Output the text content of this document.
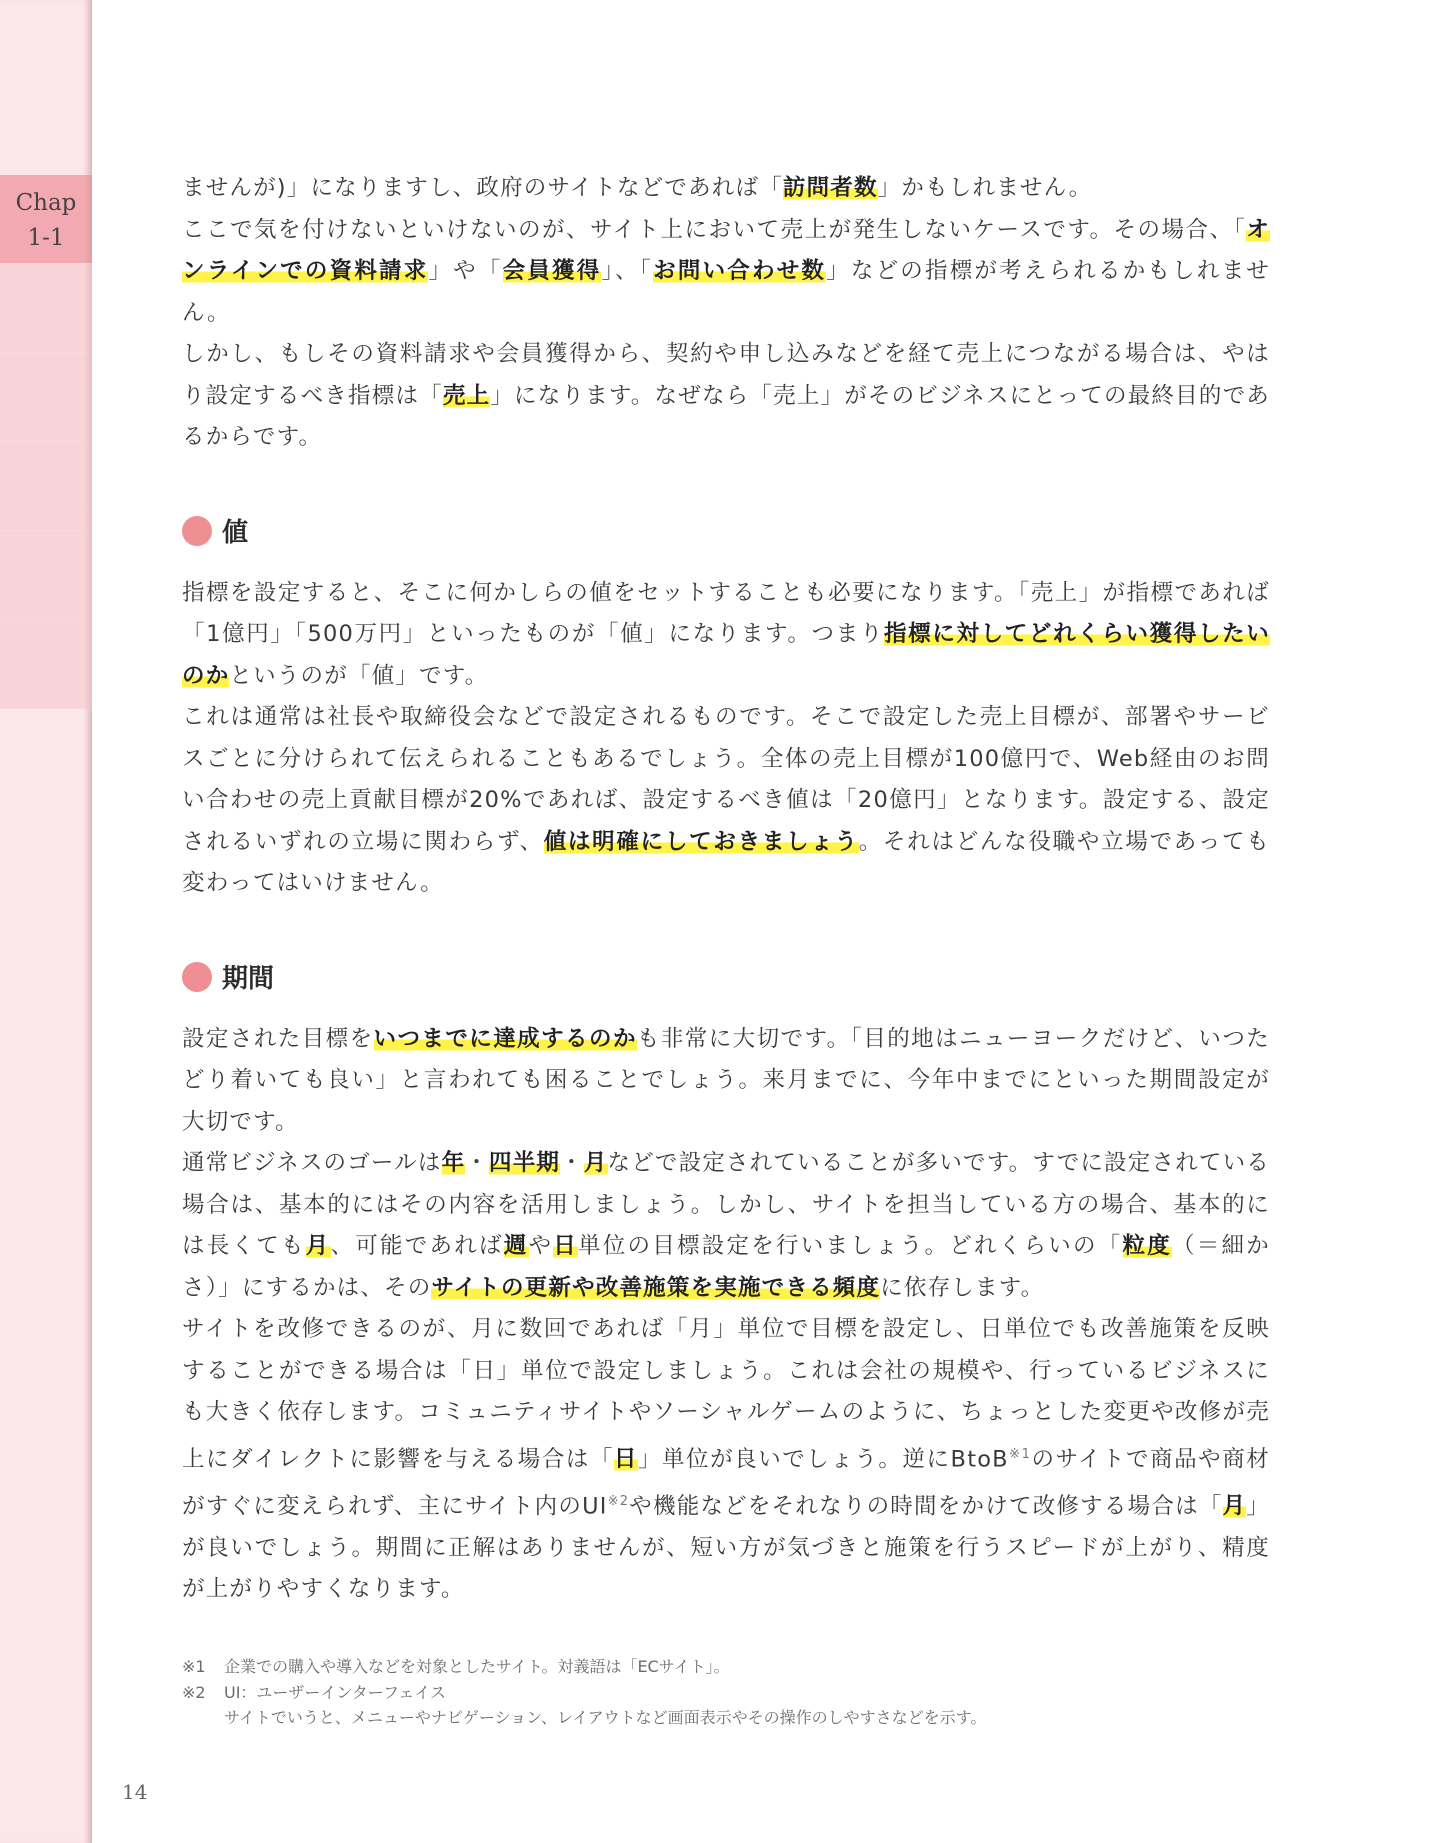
Chap
1-1

ませんが)」になりますし、政府のサイトなどであれば「訪問者数」かもしれません。

ここで気を付けないといけないのが、サイト上において売上が発生しないケースです。その場合、「オンラインでの資料請求」や「会員獲得」、「お問い合わせ数」などの指標が考えられるかもしれません。

しかし、もしその資料請求や会員獲得から、契約や申し込みなどを経て売上につながる場合は、やはり設定するべき指標は「売上」になります。なぜなら「売上」がそのビジネスにとっての最終目的であるからです。

値

指標を設定すると、そこに何かしらの値をセットすることも必要になります。「売上」が指標であれば「1億円」「500万円」といったものが「値」になります。つまり指標に対してどれくらい獲得したいのかというのが「値」です。

これは通常は社長や取締役会などで設定されるものです。そこで設定した売上目標が、部署やサービスごとに分けられて伝えられることもあるでしょう。全体の売上目標が100億円で、Web経由のお問い合わせの売上貢献目標が20%であれば、設定するべき値は「20億円」となります。設定する、設定されるいずれの立場に関わらず、値は明確にしておきましょう。それはどんな役職や立場であっても変わってはいけません。

期間

設定された目標をいつまでに達成するのかも非常に大切です。「目的地はニューヨークだけど、いつたどり着いても良い」と言われても困ることでしょう。来月までに、今年中までにといった期間設定が大切です。

通常ビジネスのゴールは年・四半期・月などで設定されていることが多いです。すでに設定されている場合は、基本的にはその内容を活用しましょう。しかし、サイトを担当している方の場合、基本的には長くても月、可能であれば週や日単位の目標設定を行いましょう。どれくらいの「粒度（＝細かさ）」にするかは、そのサイトの更新や改善施策を実施できる頻度に依存します。

サイトを改修できるのが、月に数回であれば「月」単位で目標を設定し、日単位でも改善施策を反映することができる場合は「日」単位で設定しましょう。これは会社の規模や、行っているビジネスにも大きく依存します。コミュニティサイトやソーシャルゲームのように、ちょっとした変更や改修が売上にダイレクトに影響を与える場合は「日」単位が良いでしょう。逆にBtoB$^{※1}$のサイトで商品や商材がすぐに変えられず、主にサイト内のUI$^{※2}$や機能などをそれなりの時間をかけて改修する場合は「月」が良いでしょう。期間に正解はありませんが、短い方が気づきと施策を行うスピードが上がり、精度が上がりやすくなります。

※1	企業での購入や導入などを対象としたサイト。対義語は「ECサイト」。
※2	UI：ユーザーインターフェイス
サイトでいうと、メニューやナビゲーション、レイアウトなど画面表示やその操作のしやすさなどを示す。
14
